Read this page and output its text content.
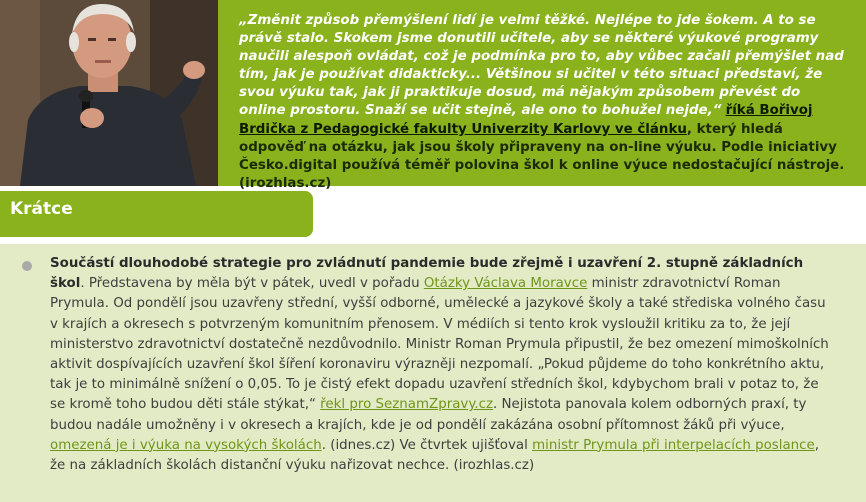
„Změnit způsob přemýšlení lidí je velmi těžké. Nejlépe to jde šokem. A to se právě stalo. Skokem jsme donutili učitele, aby se některé výukové programy naučili alespoň ovládat, což je podmínka pro to, aby vůbec začali přemýšlet nad tím, jak je používat didakticky... Většinou si učitel v této situaci představí, že svou výuku tak, jak ji praktikuje dosud, má nějakým způsobem převést do online prostoru. Snaží se učit stejně, ale ono to bohužel nejde,“ říká Bořivoj Brdička z Pedagogické fakulty Univerzity Karlovy ve článku, který hledá odpověď na otázku, jak jsou školy připraveny na on-line výuku. Podle iniciativy Česko.digital používá téměř polovina škol k online výuce nedostačující nástroje. (irozhlas.cz)
Krátce
Součástí dlouhodobé strategie pro zvládnutí pandemie bude zřejmě i uzavření 2. stupně základních škol. Představena by měla být v pátek, uvedl v pořadu Otázky Václava Moravce ministr zdravotnictví Roman Prymula. Od pondělí jsou uzavřeny střední, vyšší odborné, umělecké a jazykové školy a také střediska volného času v krajích a okresech s potvrzeným komunitním přenosem. V médiích si tento krok vysloužil kritiku za to, že její ministerstvo zdravotnictví dostatečně nezdůvodnilo. Ministr Roman Prymula připustil, že bez omezení mimoškolních aktivit dospívajících uzavření škol šíření koronaviru výrazněji nezpomalí. „Pokud půjdeme do toho konkrétního aktu, tak je to minimálně snížení o 0,05. To je čistý efekt dopadu uzavření středních škol, kdybychom brali v potaz to, že se kromě toho budou děti stále stýkat,“ řekl pro SeznamZpravy.cz. Nejistota panovala kolem odborných praxí, ty budou nadále umožněny i v okresech a krajích, kde je od pondělí zakázána osobní přítomnost žáků při výuce, omezená je i výuka na vysokých školách. (idnes.cz) Ve čtvrtek ujišťoval ministr Prymula při interpelacích poslance, že na základních školách distanční výuku nařizovat nechce. (irozhlas.cz)
